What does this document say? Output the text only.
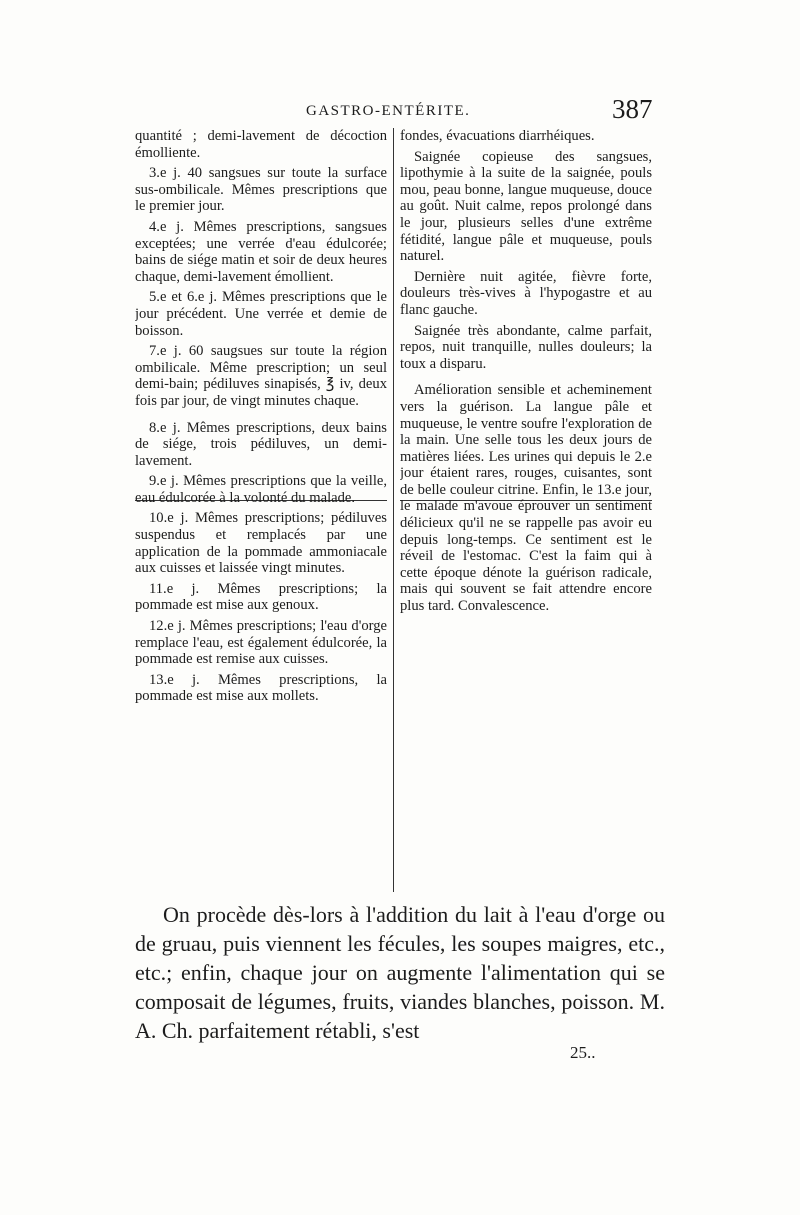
GASTRO-ENTÉRITE.	387

quantité ; demi-lavement de décoction émolliente.

3.e j. 40 sangsues sur toute la surface sus-ombilicale. Mêmes prescriptions que le premier jour.

4.e j. Mêmes prescriptions, sangsues exceptées; une verrée d'eau édulcorée; bains de siége matin et soir de deux heures chaque, demi-lavement émollient.

5.e et 6.e j. Mêmes prescriptions que le jour précédent. Une verrée et demie de boisson.

7.e j. 60 saugsues sur toute la région ombilicale. Même prescription; un seul demi-bain; pédiluves sinapisés, ℥ iv, deux fois par jour, de vingt minutes chaque.

8.e j. Mêmes prescriptions, deux bains de siége, trois pédiluves, un demi-lavement.

9.e j. Mêmes prescriptions que la veille, eau édulcorée à la volonté du malade.

10.e j. Mêmes prescriptions; pédiluves suspendus et remplacés par une application de la pommade ammoniacale aux cuisses et laissée vingt minutes.

11.e j. Mêmes prescriptions; la pommade est mise aux genoux.

12.e j. Mêmes prescriptions; l'eau d'orge remplace l'eau, est également édulcorée, la pommade est remise aux cuisses.

13.e j. Mêmes prescriptions, la pommade est mise aux mollets.

fondes, évacuations diarrhéiques.

Saignée copieuse des sangsues, lipothymie à la suite de la saignée, pouls mou, peau bonne, langue muqueuse, douce au goût. Nuit calme, repos prolongé dans le jour, plusieurs selles d'une extrême fétidité, langue pâle et muqueuse, pouls naturel.

Dernière nuit agitée, fièvre forte, douleurs très-vives à l'hypogastre et au flanc gauche.

Saignée très abondante, calme parfait, repos, nuit tranquille, nulles douleurs; la toux a disparu.

Amélioration sensible et acheminement vers la guérison. La langue pâle et muqueuse, le ventre soufre l'exploration de la main. Une selle tous les deux jours de matières liées. Les urines qui depuis le 2.e jour étaient rares, rouges, cuisantes, sont de belle couleur citrine. Enfin, le 13.e jour, le malade m'avoue éprouver un sentiment délicieux qu'il ne se rappelle pas avoir eu depuis long-temps. Ce sentiment est le réveil de l'estomac. C'est la faim qui à cette époque dénote la guérison radicale, mais qui souvent se fait attendre encore plus tard. Convalescence.

On procède dès-lors à l'addition du lait à l'eau d'orge ou de gruau, puis viennent les fécules, les soupes maigres, etc., etc.; enfin, chaque jour on augmente l'alimentation qui se composait de légumes, fruits, viandes blanches, poisson. M. A. Ch. parfaitement rétabli, s'est

25..
